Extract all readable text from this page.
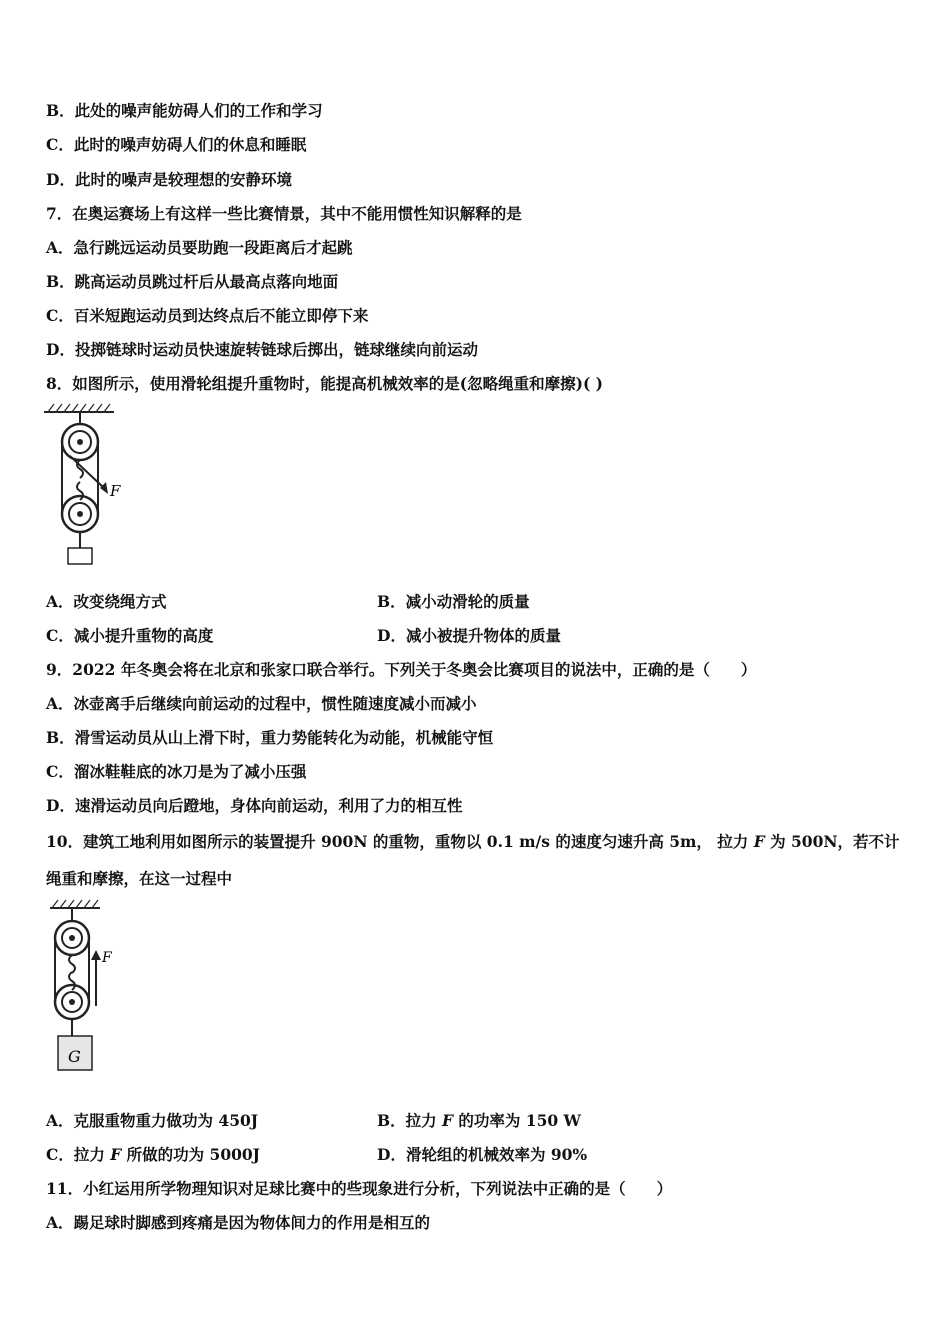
B．此处的噪声能妨碍人们的工作和学习
C．此时的噪声妨碍人们的休息和睡眠
D．此时的噪声是较理想的安静环境
7．在奥运赛场上有这样一些比赛情景，其中不能用惯性知识解释的是
A．急行跳远运动员要助跑一段距离后才起跳
B．跳高运动员跳过杆后从最高点落向地面
C．百米短跑运动员到达终点后不能立即停下来
D．投掷链球时运动员快速旋转链球后掷出，链球继续向前运动
8．如图所示，使用滑轮组提升重物时，能提高机械效率的是(忽略绳重和摩擦)( )
F
A．改变绕绳方式	B．减小动滑轮的质量
C．减小提升重物的高度	D．减小被提升物体的质量
9．2022 年冬奥会将在北京和张家口联合举行。下列关于冬奥会比赛项目的说法中，正确的是（　　）
A．冰壶离手后继续向前运动的过程中，惯性随速度减小而减小
B．滑雪运动员从山上滑下时，重力势能转化为动能，机械能守恒
C．溜冰鞋鞋底的冰刀是为了减小压强
D．速滑运动员向后蹬地，身体向前运动，利用了力的相互性
10．建筑工地利用如图所示的装置提升 900N 的重物，重物以 0.1 m/s 的速度匀速升高 5m， 拉力 F 为 500N，若不计
绳重和摩擦，在这一过程中
F
G
A．克服重物重力做功为 450J	B．拉力 F 的功率为 150 W
C．拉力 F 所做的功为 5000J	D．滑轮组的机械效率为 90%
11．小红运用所学物理知识对足球比赛中的些现象进行分析，下列说法中正确的是（　　）
A．踢足球时脚感到疼痛是因为物体间力的作用是相互的
